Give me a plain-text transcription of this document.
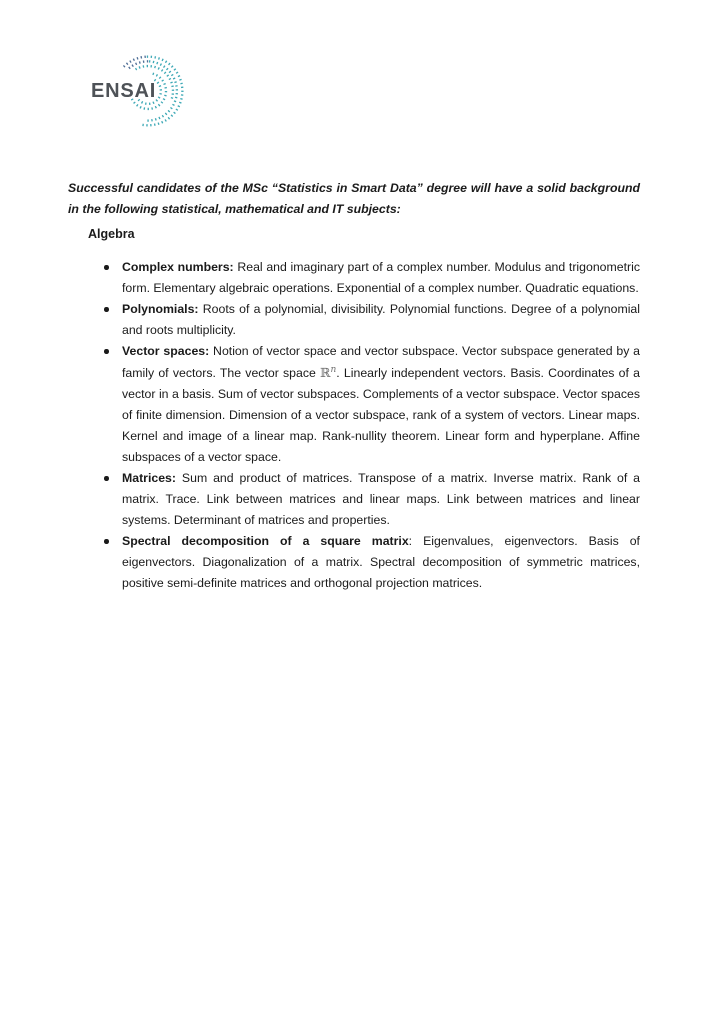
ENSAI

Successful candidates of the MSc “Statistics in Smart Data” degree will have a solid background in the following statistical, mathematical and IT subjects:

Algebra
Complex numbers: Real and imaginary part of a complex number. Modulus and trigonometric form. Elementary algebraic operations. Exponential of a complex number. Quadratic equations.
Polynomials: Roots of a polynomial, divisibility. Polynomial functions. Degree of a polynomial and roots multiplicity.
Vector spaces: Notion of vector space and vector subspace. Vector subspace generated by a family of vectors. The vector space ℝ$^n$. Linearly independent vectors. Basis. Coordinates of a vector in a basis. Sum of vector subspaces. Complements of a vector subspace. Vector spaces of finite dimension. Dimension of a vector subspace, rank of a system of vectors. Linear maps. Kernel and image of a linear map. Rank-nullity theorem. Linear form and hyperplane. Affine subspaces of a vector space.
Matrices: Sum and product of matrices. Transpose of a matrix. Inverse matrix. Rank of a matrix. Trace. Link between matrices and linear maps. Link between matrices and linear systems. Determinant of matrices and properties.
Spectral decomposition of a square matrix: Eigenvalues, eigenvectors. Basis of eigenvectors. Diagonalization of a matrix. Spectral decomposition of symmetric matrices, positive semi-definite matrices and orthogonal projection matrices.
